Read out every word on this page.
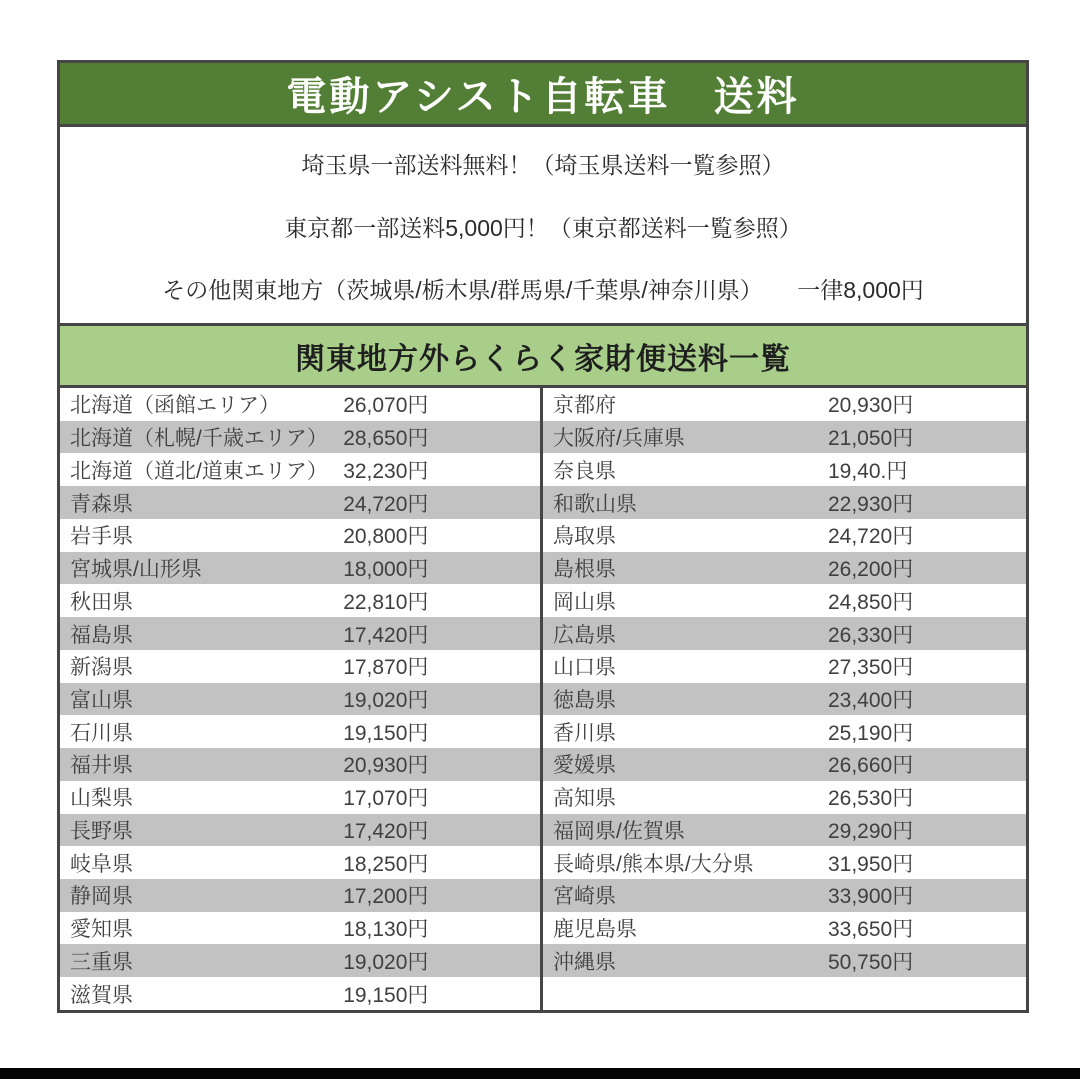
電動アシスト自転車　送料
埼玉県一部送料無料！（埼玉県送料一覧参照）
東京都一部送料5,000円！（東京都送料一覧参照）
その他関東地方（茨城県/栃木県/群馬県/千葉県/神奈川県）　　一律8,000円
関東地方外らくらく家財便送料一覧
北海道（函館エリア）	26,070円	京都府	20,930円
北海道（札幌/千歳エリア） 28,650円	大阪府/兵庫県	21,050円
北海道（道北/道東エリア） 32,230円	奈良県	19,40.円
青森県	24,720円	和歌山県	22,930円
岩手県	20,800円	鳥取県	24,720円
宮城県/山形県	18,000円	島根県	26,200円
秋田県	22,810円	岡山県	24,850円
福島県	17,420円	広島県	26,330円
新潟県	17,870円	山口県	27,350円
富山県	19,020円	徳島県	23,400円
石川県	19,150円	香川県	25,190円
福井県	20,930円	愛媛県	26,660円
山梨県	17,070円	高知県	26,530円
長野県	17,420円	福岡県/佐賀県	29,290円
岐阜県	18,250円	長崎県/熊本県/大分県	31,950円
静岡県	17,200円	宮崎県	33,900円
愛知県	18,130円	鹿児島県	33,650円
三重県	19,020円	沖縄県	50,750円
滋賀県	19,150円
